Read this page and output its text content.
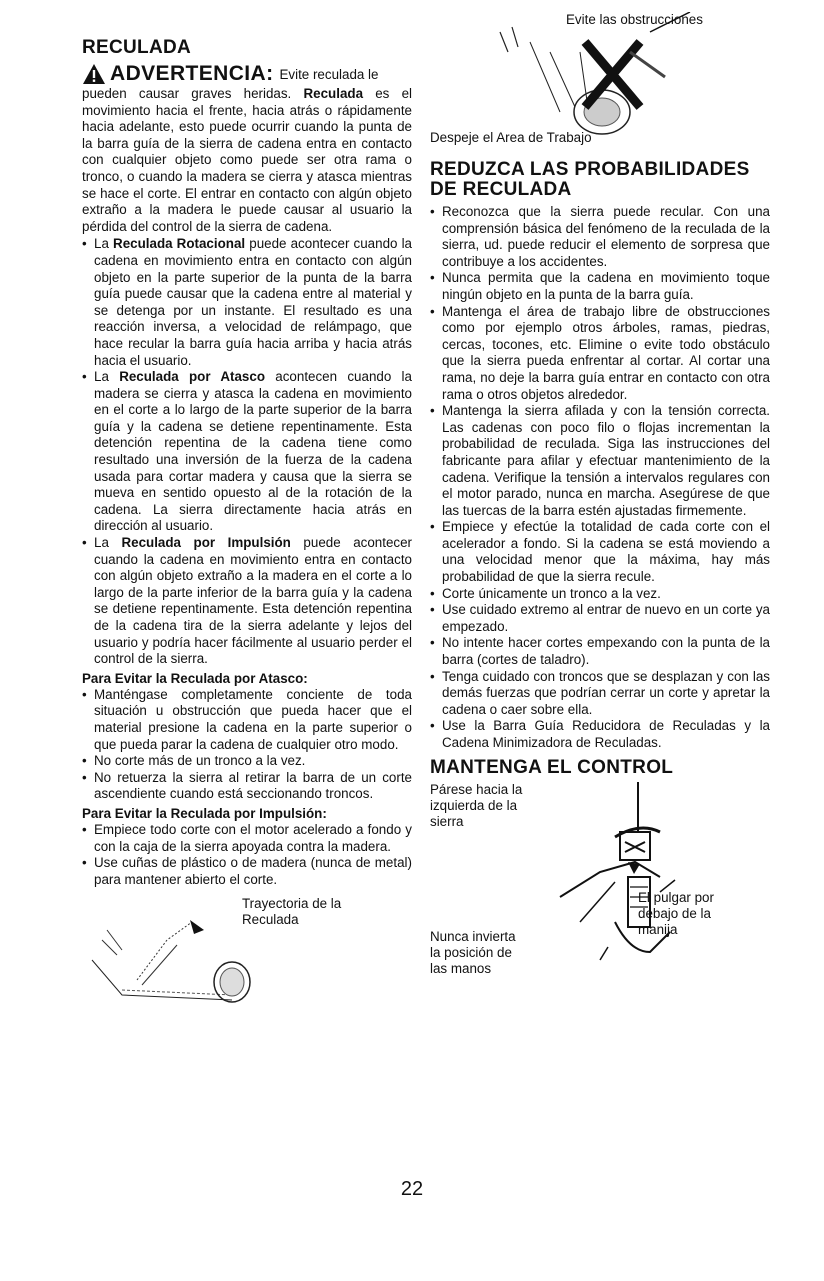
RECULADA
ADVERTENCIA: Evite reculada le

pueden causar graves heridas. Reculada es el movimiento hacia el frente, hacia atrás o rápidamente hacia adelante, esto puede ocurrir cuando la punta de la barra guía de la sierra de cadena entra en contacto con cualquier objeto como puede ser otra rama o tronco, o cuando la madera se cierra y atasca mientras se hace el corte. El entrar en contacto con algún objeto extraño a la madera le puede causar al usuario la pérdida del control de la sierra de cadena.

• La Reculada Rotacional puede acontecer cuando la cadena en movimiento entra en contacto con algún objeto en la parte superior de la punta de la barra guía puede causar que la cadena entre al material y se detenga por un instante. El resultado es una reacción inversa, a velocidad de relámpago, que hace recular la barra guía hacia arriba y hacia atrás hacia el usuario.
• La Reculada por Atasco acontecen cuando la madera se cierra y atasca la cadena en movimiento en el corte a lo largo de la parte superior de la barra guía y la cadena se detiene repentinamente. Esta detención repentina de la cadena tiene como resultado una inversión de la fuerza de la cadena usada para cortar madera y causa que la sierra se mueva en sentido opuesto al de la rotación de la cadena. La sierra directamente hacia atrás en dirección al usuario.
• La Reculada por Impulsión puede acontecer cuando la cadena en movimiento entra en contacto con algún objeto extraño a la madera en el corte a lo largo de la parte inferior de la barra guía y la cadena se detiene repentinamente. Esta detención repentina de la cadena tira de la sierra adelante y lejos del usuario y podría hacer fácilmente al usuario perder el control de la sierra.
Para Evitar la Reculada por Atasco:
• Manténgase completamente conciente de toda situación u obstrucción que pueda hacer que el material presione la cadena en la parte superior o que pueda parar la cadena de cualquier otro modo.
• No corte más de un tronco a la vez.
• No retuerza la sierra al retirar la barra de un corte ascendiente cuando está seccionando troncos.
Para Evitar la Reculada por Impulsión:
• Empiece todo corte con el motor acelerado a fondo y con la caja de la sierra apoyada contra la madera.
• Use cuñas de plástico o de madera (nunca de metal) para mantener abierto el corte.
Trayectoria de la
Reculada
Evite las obstrucciones
Despeje el Area de Trabajo
REDUZCA LAS PROBABILIDADES
DE RECULADA
• Reconozca que la sierra puede recular. Con una comprensión básica del fenómeno de la reculada de la sierra, ud. puede reducir el elemento de sorpresa que contribuye a los accidentes.
• Nunca permita que la cadena en movimiento toque ningún objeto en la punta de la barra guía.
• Mantenga el área de trabajo libre de obstrucciones como por ejemplo otros árboles, ramas, piedras, cercas, tocones, etc. Elimine o evite todo obstáculo que la sierra pueda enfrentar al cortar. Al cortar una rama, no deje la barra guía entrar en contacto con otra rama o otros objetos alrededor.
• Mantenga la sierra afilada y con la tensión correcta. Las cadenas con poco filo o flojas incrementan la probabilidad de reculada. Siga las instrucciones del fabricante para afilar y efectuar mantenimiento de la cadena. Verifique la tensión a intervalos regulares con el motor parado, nunca en marcha. Asegúrese de que las tuercas de la barra estén ajustadas firmemente.
• Empiece y efectúe la totalidad de cada corte con el acelerador a fondo. Si la cadena se está moviendo a una velocidad menor que la máxima, hay más probabilidad de que la sierra recule.
• Corte únicamente un tronco a la vez.
• Use cuidado extremo al entrar de nuevo en un corte ya empezado.
• No intente hacer cortes empexando con la punta de la barra (cortes de taladro).
• Tenga cuidado con troncos que se desplazan y con las demás fuerzas que podrían cerrar un corte y apretar la cadena o caer sobre ella.
• Use la Barra Guía Reducidora de Reculadas y la Cadena Minimizadora de Reculadas.
MANTENGA EL CONTROL
Párese hacia la
izquierda de la
sierra
El pulgar por
debajo de la
manija
Nunca invierta
la posición de
las manos
22
